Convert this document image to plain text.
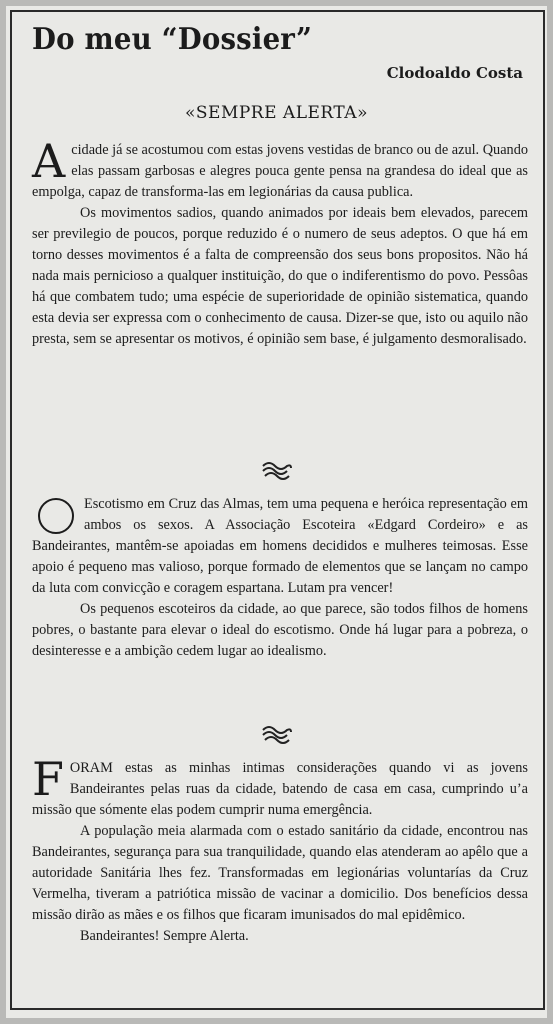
Do meu “Dossier”
Clodoaldo Costa
«SEMPRE ALERTA»

Acidade já se acostumou com estas jovens vestidas de branco ou de azul. Quando elas passam garbosas e alegres pouca gente pensa na grandesa do ideal que as empolga, capaz de transforma-las em legionárias da causa publica.

Os movimentos sadios, quando animados por ideais bem elevados, parecem ser previlegio de poucos, porque reduzido é o numero de seus adeptos. O que há em torno desses movimentos é a falta de compreensão dos seus bons propositos. Não há nada mais pernicioso a qualquer instituição, do que o indiferentismo do povo. Pessôas há que combatem tudo; uma espécie de superioridade de opinião sistematica, quando esta devia ser expressa com o conhecimento de causa. Dizer-se que, isto ou aquilo não presta, sem se apresentar os motivos, é opinião sem base, é julgamento desmoralisado.

Escotismo em Cruz das Almas, tem uma pequena e heróica representação em ambos os sexos. A Associação Escoteira «Edgard Cordeiro» e as Bandeirantes, mantêm-se apoiadas em homens decididos e mulheres teimosas. Esse apoio é pequeno mas valioso, porque formado de elementos que se lançam no campo da luta com convicção e coragem espartana. Lutam pra vencer!

Os pequenos escoteiros da cidade, ao que parece, são todos filhos de homens pobres, o bastante para elevar o ideal do escotismo. Onde há lugar para a pobreza, o desinteresse e a ambição cedem lugar ao idealismo.

FORAM estas as minhas intimas considerações quando vi as jovens Bandeirantes pelas ruas da cidade, batendo de casa em casa, cumprindo u’a missão que sómente elas podem cumprir numa emergência.

A população meia alarmada com o estado sanitário da cidade, encontrou nas Bandeirantes, segurança para sua tranquilidade, quando elas atenderam ao apêlo que a autoridade Sanitária lhes fez. Transformadas em legionárias voluntarías da Cruz Vermelha, tiveram a patriótica missão de vacinar a domicilio. Dos benefícios dessa missão dirão as mães e os filhos que ficaram imunisados do mal epidêmico.

Bandeirantes! Sempre Alerta.
